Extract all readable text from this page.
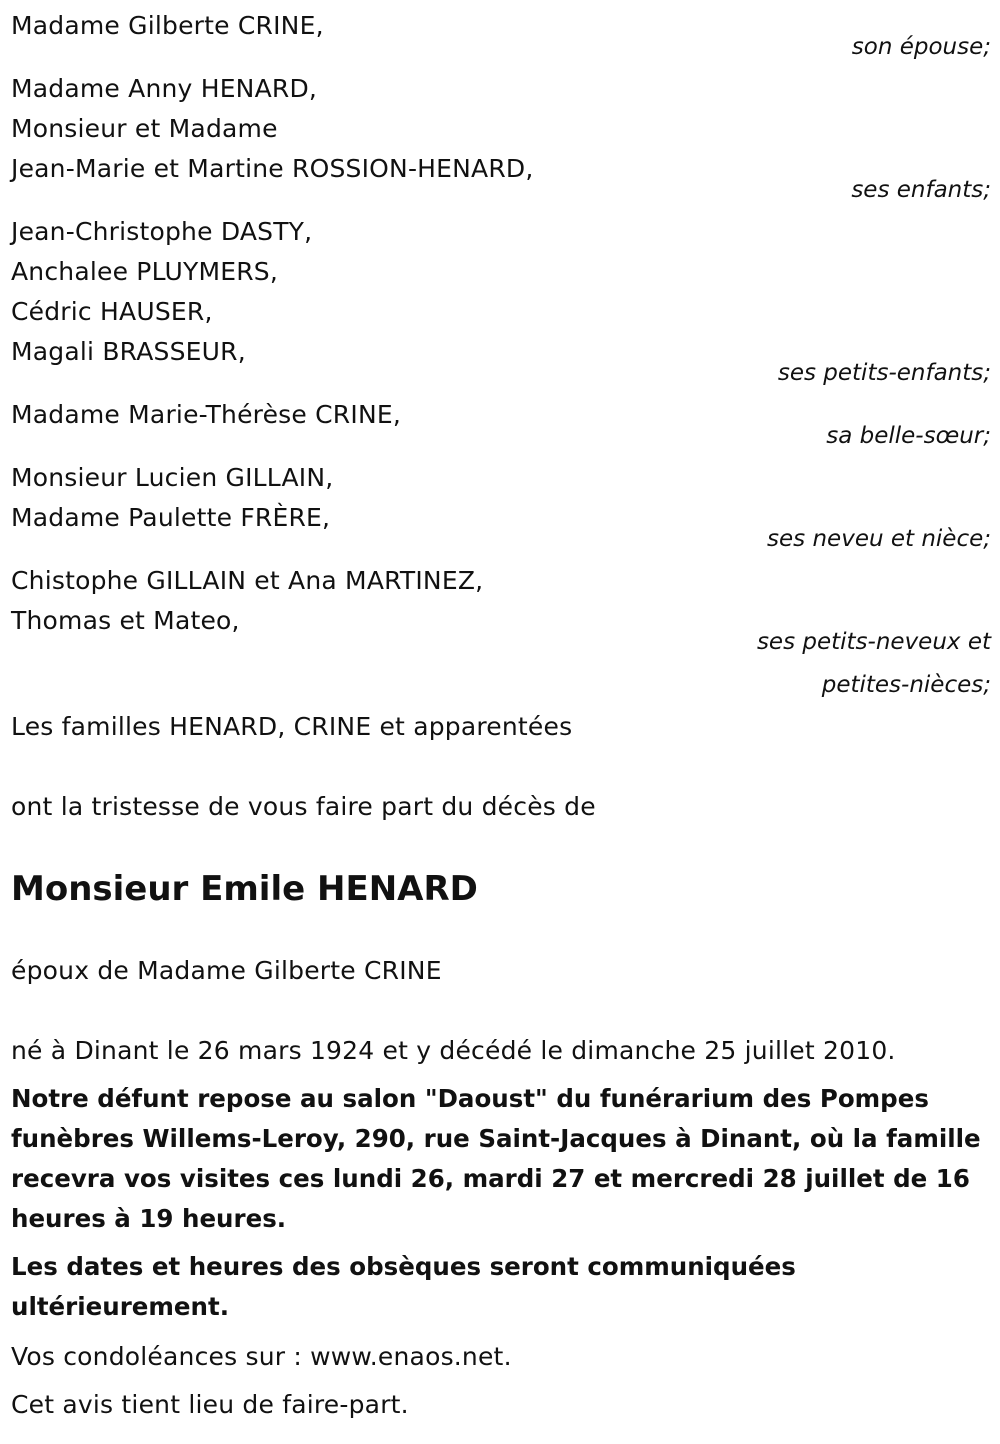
Madame Gilberte CRINE,
son épouse;
Madame Anny HENARD,
Monsieur et Madame
Jean-Marie et Martine ROSSION-HENARD,
ses enfants;
Jean-Christophe DASTY,
Anchalee PLUYMERS,
Cédric HAUSER,
Magali BRASSEUR,
ses petits-enfants;
Madame Marie-Thérèse CRINE,
sa belle-sœur;
Monsieur Lucien GILLAIN,
Madame Paulette FRÈRE,
ses neveu et nièce;
Chistophe GILLAIN et Ana MARTINEZ,
Thomas et Mateo,
ses petits-neveux et
petites-nièces;
Les familles HENARD, CRINE et apparentées
ont la tristesse de vous faire part du décès de
Monsieur Emile HENARD
époux de Madame Gilberte CRINE
né à Dinant le 26 mars 1924 et y décédé le dimanche 25 juillet 2010.
Notre défunt repose au salon "Daoust" du funérarium des Pompes funèbres Willems-Leroy, 290, rue Saint-Jacques à Dinant, où la famille recevra vos visites ces lundi 26, mardi 27 et mercredi 28 juillet de 16 heures à 19 heures.
Les dates et heures des obsèques seront communiquées ultérieurement.
Vos condoléances sur : www.enaos.net.
Cet avis tient lieu de faire-part.
